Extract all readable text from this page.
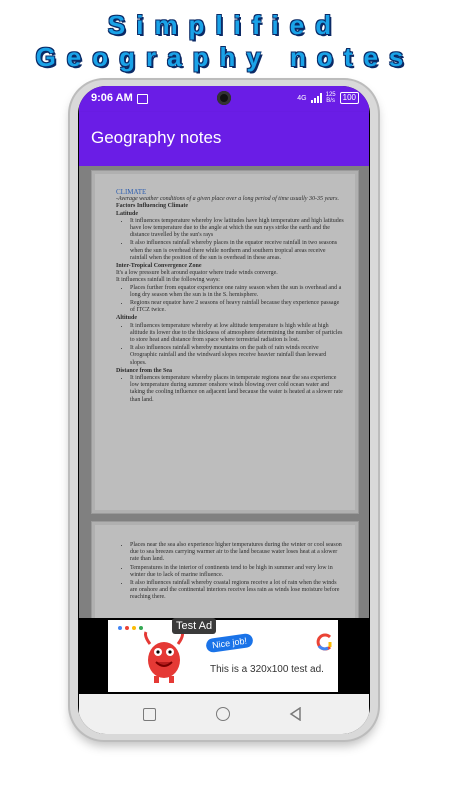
Simplified
Geography notes
9:06 AM	4G	125
B/s 100
Geography notes

CLIMATE

-Average weather conditions of a given place over a long period of time usually 30-35 years.

Factors Influencing Climate

Latitude

• It influences temperature whereby low latitudes have high temperature and high latitudes have low temperature due to the angle at which the sun rays strike the earth and the distance travelled by the sun's rays
• It also influences rainfall whereby places in the equator receive rainfall in two seasons when the sun is overhead there while northern and southern tropical areas receive rainfall when the position of the sun is overhead in these areas.

Inter-Tropical Convergence Zone

It's a low pressure belt around equator where trade winds converge.

It influences rainfall in the following ways:

• Places further from equator experience one rainy season when the sun is overhead and a long dry season when the sun is in the S. hemisphere.
• Regions near equator have 2 seasons of heavy rainfall because they experience passage of ITCZ twice.

Altitude

• It influences temperature whereby at low altitude temperature is high while at high altitude its lower due to the thickness of atmosphere determining the number of particles to store heat and distance from space where terrestrial radiation is lost.
• It also influences rainfall whereby mountains on the path of rain winds receive Orographic rainfall and the windward slopes receive heavier rainfall than leeward slopes.

Distance from the Sea

• It influences temperature whereby places in temperate regions near the sea experience low temperature during summer onshore winds blowing over cold ocean water and taking the cooling influence on adjacent land because the water is heated at a slower rate than land.
• Places near the sea also experience higher temperatures during the winter or cool season due to sea breezes carrying warmer air to the land because water loses heat at a slower rate than land.
• Temperatures in the interior of continents tend to be high in summer and very low in winter due to lack of marine influence.
• It also influences rainfall whereby coastal regions receive a lot of rain when the winds are onshore and the continental interiors receive less rain as winds lose moisture before reaching there.
Nice job!
This is a 320x100 test ad.
Test Ad
